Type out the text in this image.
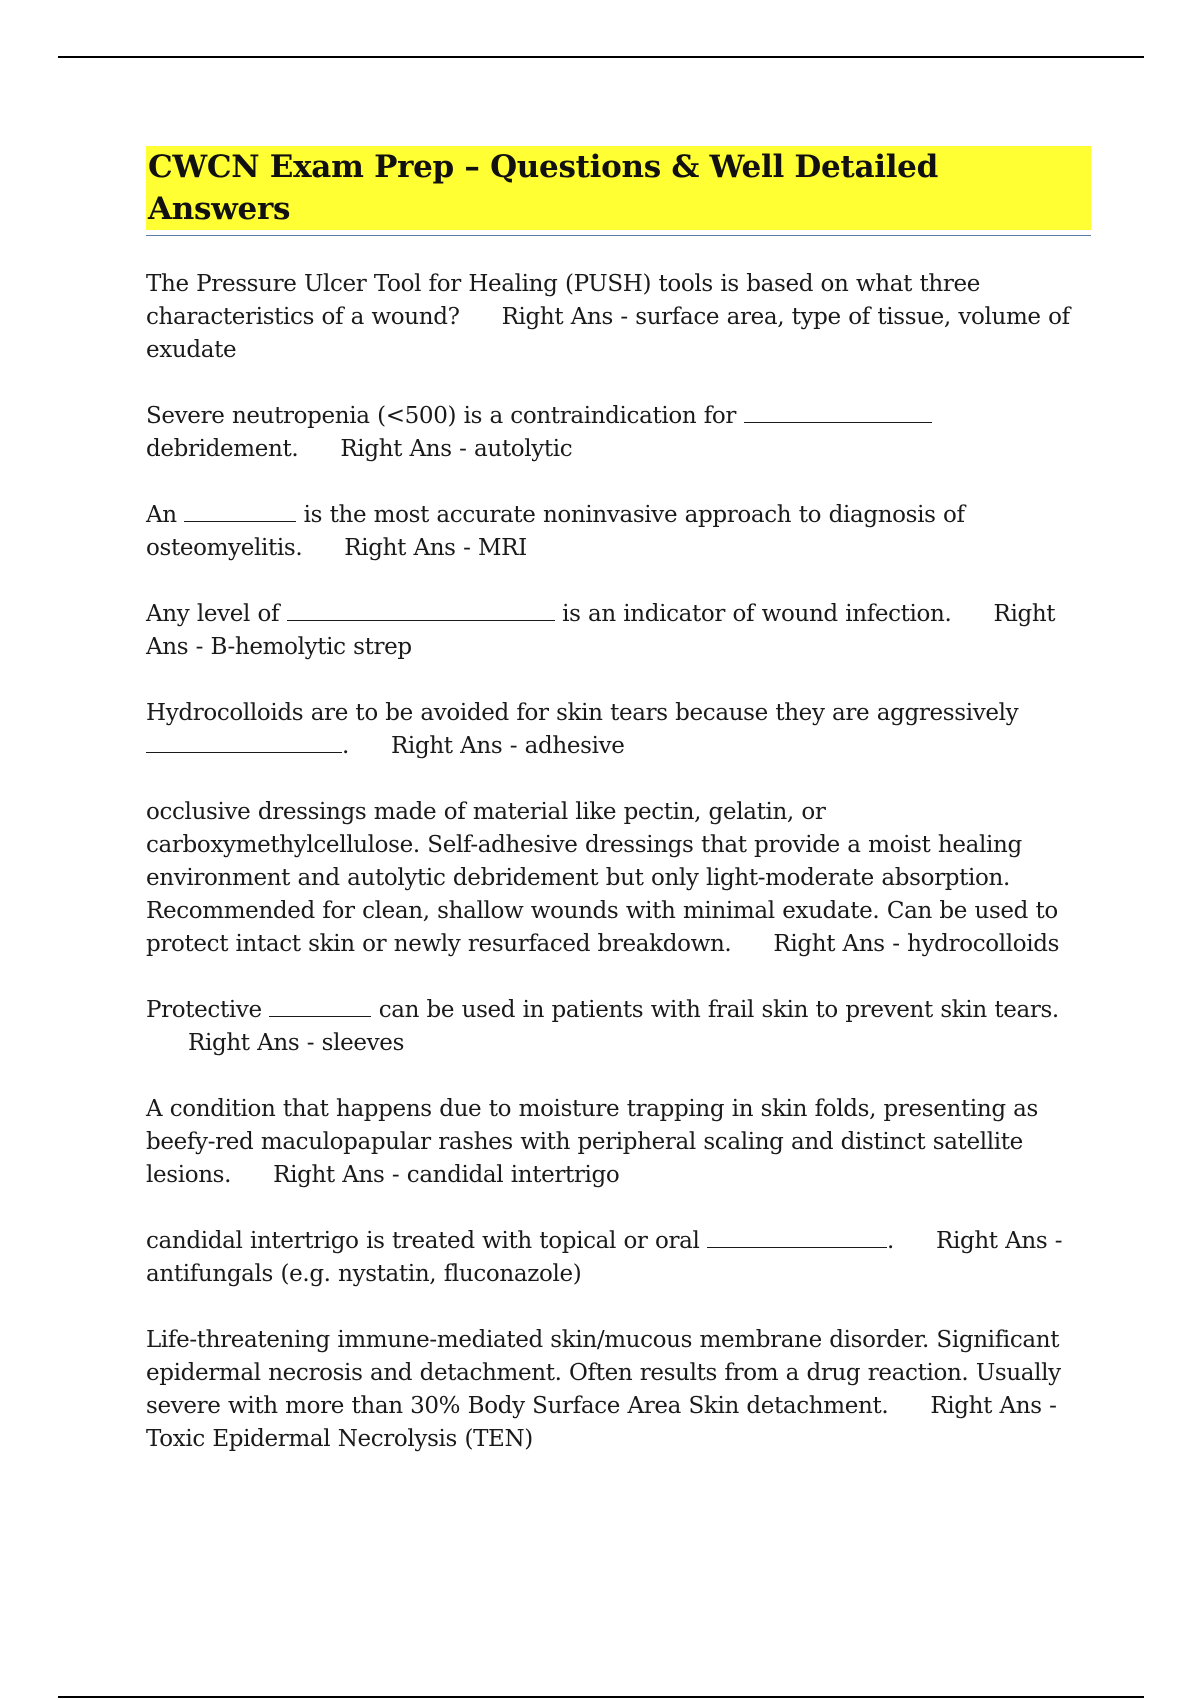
CWCN Exam Prep – Questions & Well Detailed Answers

The Pressure Ulcer Tool for Healing (PUSH) tools is based on what three characteristics of a wound? Right Ans - surface area, type of tissue, volume of exudate

Severe neutropenia (<500) is a contraindication for  debridement. Right Ans - autolytic

An	is the most accurate noninvasive approach to diagnosis of osteomyelitis. Right Ans - MRI

Any level of	is an indicator of wound infection. Right Ans - B-hemolytic strep

Hydrocolloids are to be avoided for skin tears because they are aggressively . Right Ans - adhesive

occlusive dressings made of material like pectin, gelatin, or carboxymethylcellulose. Self-adhesive dressings that provide a moist healing environment and autolytic debridement but only light-moderate absorption. Recommended for clean, shallow wounds with minimal exudate. Can be used to protect intact skin or newly resurfaced breakdown. Right Ans - hydrocolloids

Protective	can be used in patients with frail skin to prevent skin tears.Right Ans - sleeves

A condition that happens due to moisture trapping in skin folds, presenting as beefy-red maculopapular rashes with peripheral scaling and distinct satellite lesions. Right Ans - candidal intertrigo

candidal intertrigo is treated with topical or oral	. Right Ans - antifungals (e.g. nystatin, fluconazole)

Life-threatening immune-mediated skin/mucous membrane disorder. Significant epidermal necrosis and detachment. Often results from a drug reaction. Usually severe with more than 30% Body Surface Area Skin detachment. Right Ans - Toxic Epidermal Necrolysis (TEN)
